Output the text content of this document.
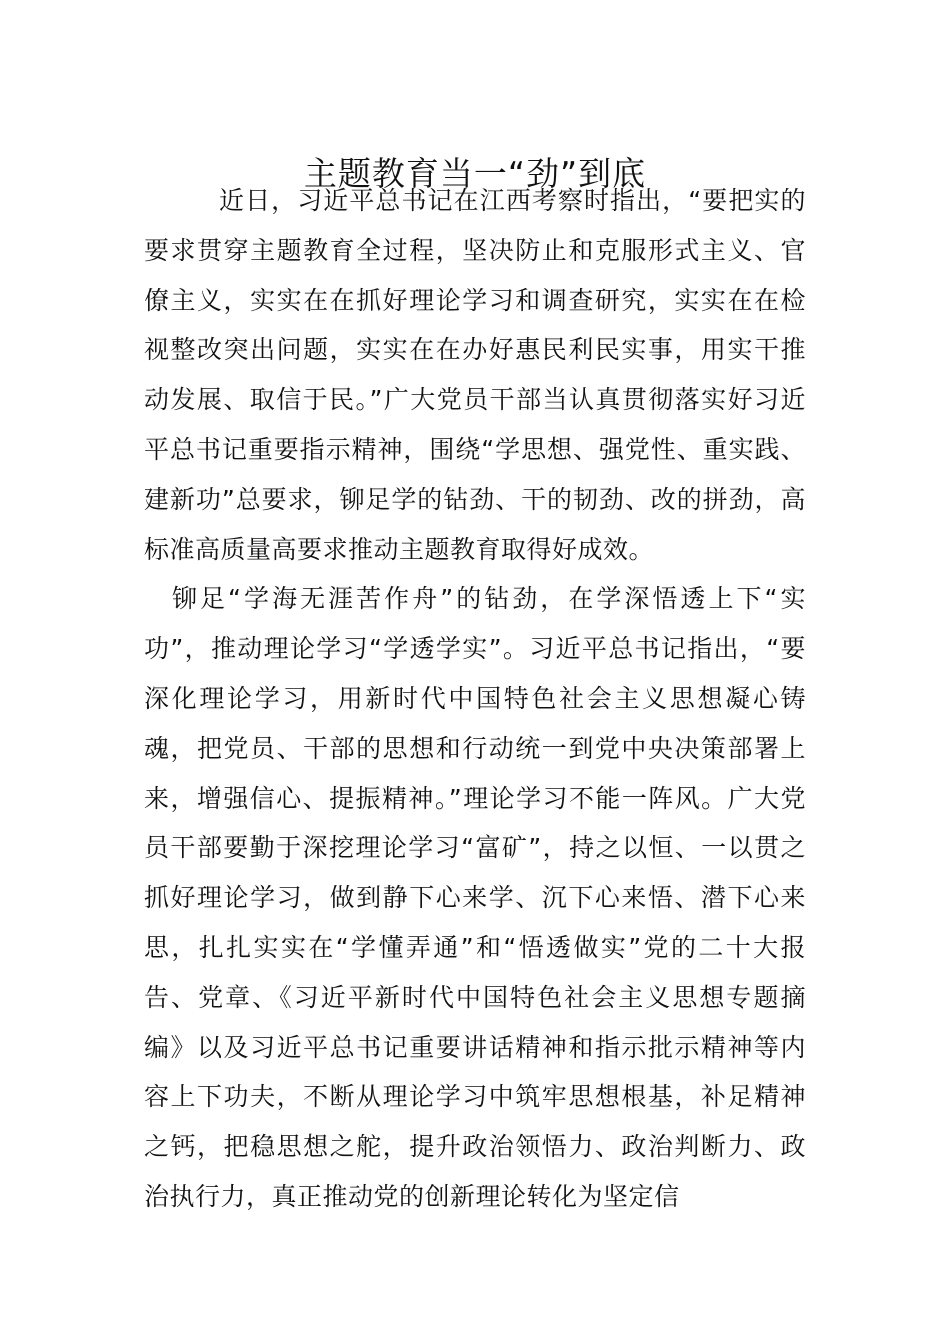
主题教育当一“劲”到底

近日，习近平总书记在江西考察时指出，“要把实的要求贯穿主题教育全过程，坚决防止和克服形式主义、官僚主义，实实在在抓好理论学习和调查研究，实实在在检视整改突出问题，实实在在办好惠民利民实事，用实干推动发展、取信于民。”广大党员干部当认真贯彻落实好习近平总书记重要指示精神，围绕“学思想、强党性、重实践、建新功”总要求，铆足学的钻劲、干的韧劲、改的拼劲，高标准高质量高要求推动主题教育取得好成效。

铆足“学海无涯苦作舟”的钻劲，在学深悟透上下“实功”，推动理论学习“学透学实”。习近平总书记指出，“要深化理论学习，用新时代中国特色社会主义思想凝心铸魂，把党员、干部的思想和行动统一到党中央决策部署上来，增强信心、提振精神。”理论学习不能一阵风。广大党员干部要勤于深挖理论学习“富矿”，持之以恒、一以贯之抓好理论学习，做到静下心来学、沉下心来悟、潜下心来思，扎扎实实在“学懂弄通”和“悟透做实”党的二十大报告、党章、《习近平新时代中国特色社会主义思想专题摘编》以及习近平总书记重要讲话精神和指示批示精神等内容上下功夫，不断从理论学习中筑牢思想根基，补足精神之钙，把稳思想之舵，提升政治领悟力、政治判断力、政治执行力，真正推动党的创新理论转化为坚定信
